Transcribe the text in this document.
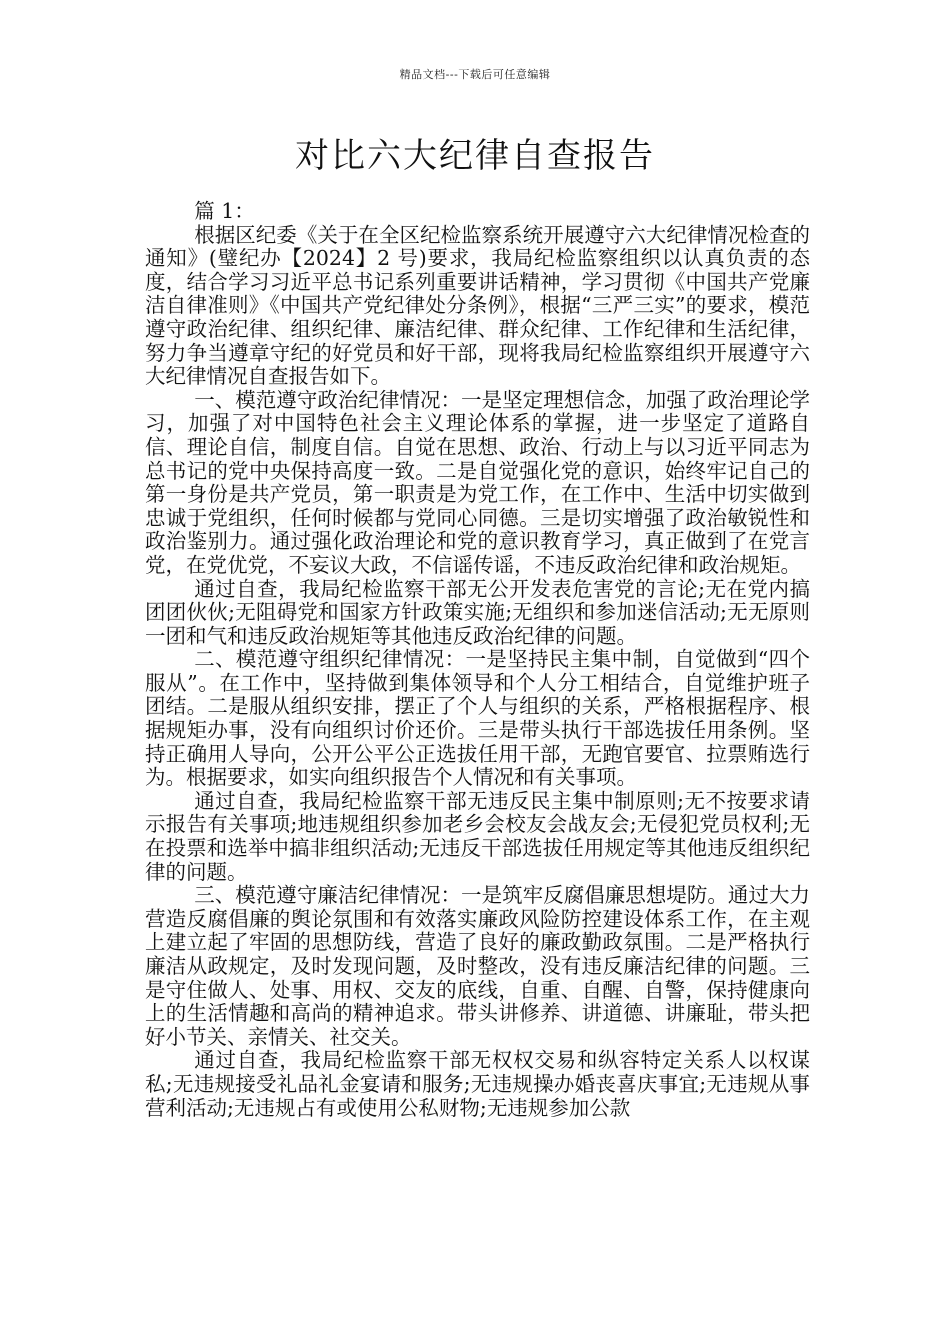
精品文档---下载后可任意编辑
对比六大纪律自查报告

篇 1：

根据区纪委《关于在全区纪检监察系统开展遵守六大纪律情况检查的通知》(璧纪办【2024】2 号)要求，我局纪检监察组织以认真负责的态度，结合学习习近平总书记系列重要讲话精神，学习贯彻《中国共产党廉洁自律准则》《中国共产党纪律处分条例》，根据“三严三实”的要求，模范遵守政治纪律、组织纪律、廉洁纪律、群众纪律、工作纪律和生活纪律，努力争当遵章守纪的好党员和好干部，现将我局纪检监察组织开展遵守六大纪律情况自查报告如下。

一、模范遵守政治纪律情况：一是坚定理想信念，加强了政治理论学习，加强了对中国特色社会主义理论体系的掌握，进一步坚定了道路自信、理论自信，制度自信。自觉在思想、政治、行动上与以习近平同志为总书记的党中央保持高度一致。二是自觉强化党的意识，始终牢记自己的第一身份是共产党员，第一职责是为党工作，在工作中、生活中切实做到忠诚于党组织，任何时候都与党同心同德。三是切实增强了政治敏锐性和政治鉴别力。通过强化政治理论和党的意识教育学习，真正做到了在党言党，在党优党，不妄议大政，不信谣传谣，不违反政治纪律和政治规矩。

通过自查，我局纪检监察干部无公开发表危害党的言论;无在党内搞团团伙伙;无阻碍党和国家方针政策实施;无组织和参加迷信活动;无无原则一团和气和违反政治规矩等其他违反政治纪律的问题。

二、模范遵守组织纪律情况：一是坚持民主集中制，自觉做到“四个服从”。在工作中，坚持做到集体领导和个人分工相结合，自觉维护班子团结。二是服从组织安排，摆正了个人与组织的关系，严格根据程序、根据规矩办事，没有向组织讨价还价。三是带头执行干部选拔任用条例。坚持正确用人导向，公开公平公正选拔任用干部，无跑官要官、拉票贿选行为。根据要求，如实向组织报告个人情况和有关事项。

通过自查，我局纪检监察干部无违反民主集中制原则;无不按要求请示报告有关事项;地违规组织参加老乡会校友会战友会;无侵犯党员权利;无在投票和选举中搞非组织活动;无违反干部选拔任用规定等其他违反组织纪律的问题。

三、模范遵守廉洁纪律情况：一是筑牢反腐倡廉思想堤防。通过大力营造反腐倡廉的舆论氛围和有效落实廉政风险防控建设体系工作，在主观上建立起了牢固的思想防线，营造了良好的廉政勤政氛围。二是严格执行廉洁从政规定，及时发现问题，及时整改，没有违反廉洁纪律的问题。三是守住做人、处事、用权、交友的底线，自重、自醒、自警，保持健康向上的生活情趣和高尚的精神追求。带头讲修养、讲道德、讲廉耻，带头把好小节关、亲情关、社交关。

通过自查，我局纪检监察干部无权权交易和纵容特定关系人以权谋私;无违规接受礼品礼金宴请和服务;无违规操办婚丧喜庆事宜;无违规从事营利活动;无违规占有或使用公私财物;无违规参加公款
